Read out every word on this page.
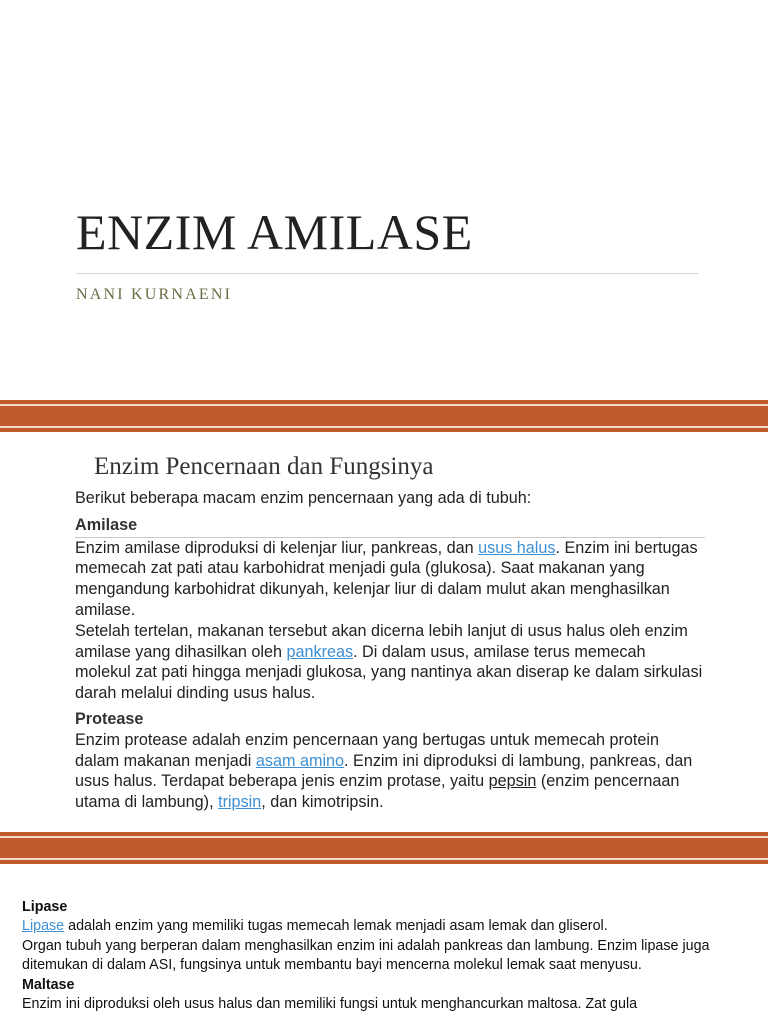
ENZIM AMILASE

NANI KURNAENI

Enzim Pencernaan dan Fungsinya

Berikut beberapa macam enzim pencernaan yang ada di tubuh:

Amilase

Enzim amilase diproduksi di kelenjar liur, pankreas, dan usus halus. Enzim ini bertugas memecah zat pati atau karbohidrat menjadi gula (glukosa). Saat makanan yang mengandung karbohidrat dikunyah, kelenjar liur di dalam mulut akan menghasilkan amilase.

Setelah tertelan, makanan tersebut akan dicerna lebih lanjut di usus halus oleh enzim amilase yang dihasilkan oleh pankreas. Di dalam usus, amilase terus memecah molekul zat pati hingga menjadi glukosa, yang nantinya akan diserap ke dalam sirkulasi darah melalui dinding usus halus.

Protease

Enzim protease adalah enzim pencernaan yang bertugas untuk memecah protein dalam makanan menjadi asam amino. Enzim ini diproduksi di lambung, pankreas, dan usus halus. Terdapat beberapa jenis enzim protase, yaitu pepsin (enzim pencernaan utama di lambung), tripsin, dan kimotripsin.

Lipase

Lipase adalah enzim yang memiliki tugas memecah lemak menjadi asam lemak dan gliserol.

Organ tubuh yang berperan dalam menghasilkan enzim ini adalah pankreas dan lambung. Enzim lipase juga ditemukan di dalam ASI, fungsinya untuk membantu bayi mencerna molekul lemak saat menyusu.

Maltase

Enzim ini diproduksi oleh usus halus dan memiliki fungsi untuk menghancurkan maltosa. Zat gula
